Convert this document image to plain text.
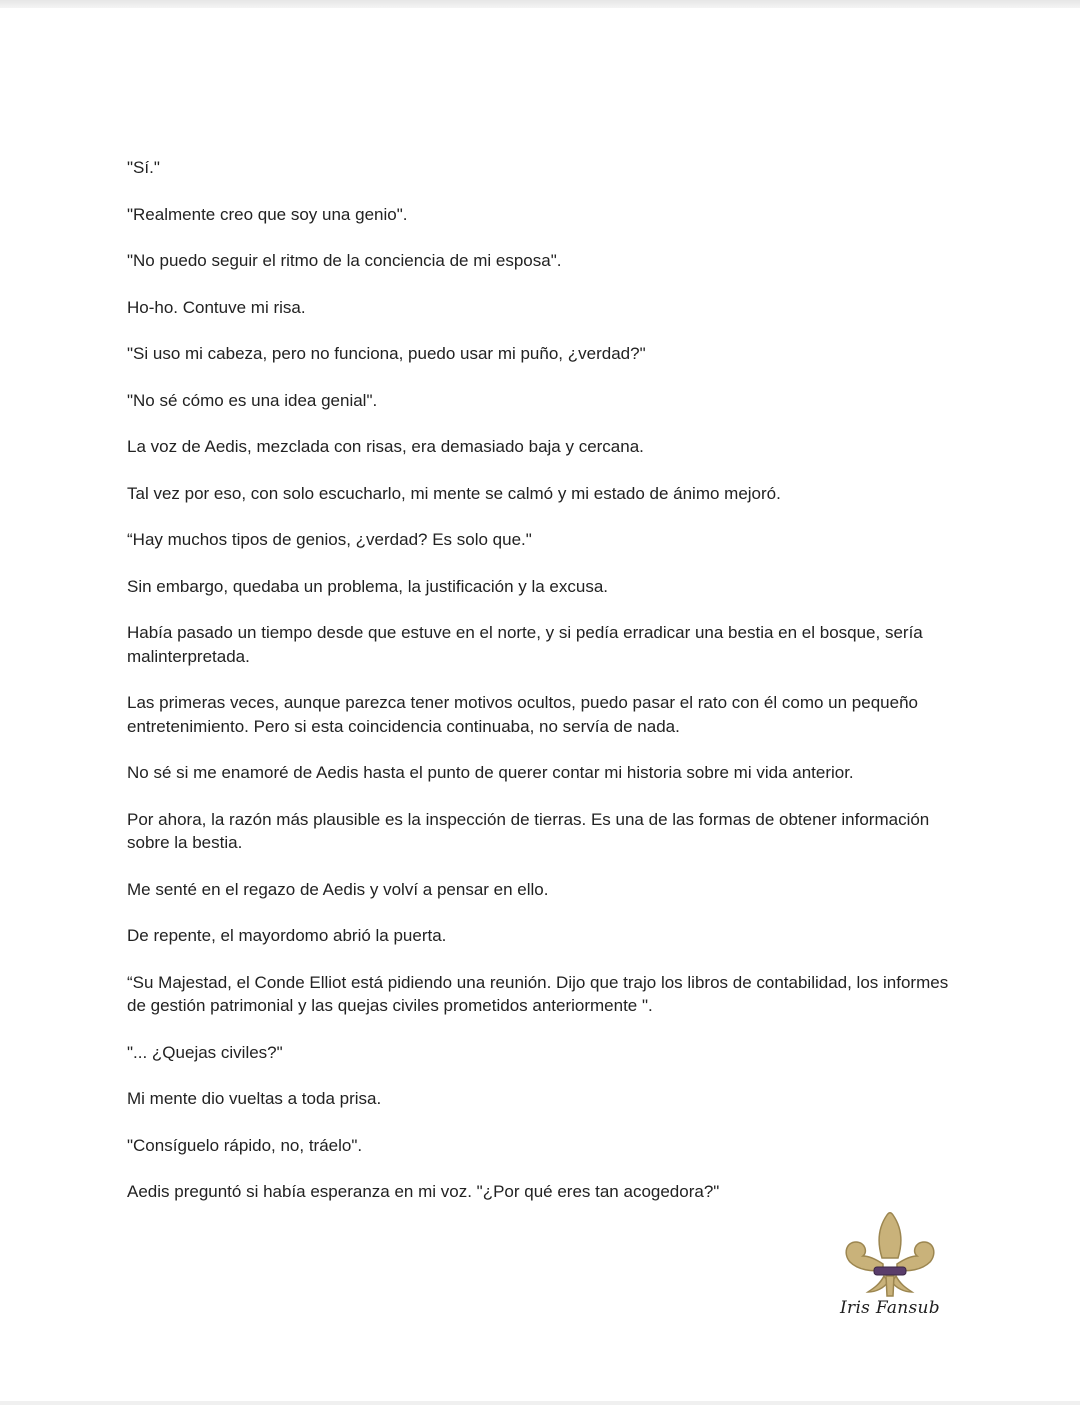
"Sí."

"Realmente creo que soy una genio".

"No puedo seguir el ritmo de la conciencia de mi esposa".

Ho-ho. Contuve mi risa.

"Si uso mi cabeza, pero no funciona, puedo usar mi puño, ¿verdad?"

"No sé cómo es una idea genial".

La voz de Aedis, mezclada con risas, era demasiado baja y cercana.

Tal vez por eso, con solo escucharlo, mi mente se calmó y mi estado de ánimo mejoró.

“Hay muchos tipos de genios, ¿verdad? Es solo que."

Sin embargo, quedaba un problema, la justificación y la excusa.

Había pasado un tiempo desde que estuve en el norte, y si pedía erradicar una bestia en el bosque, sería malinterpretada.

Las primeras veces, aunque parezca tener motivos ocultos, puedo pasar el rato con él como un pequeño entretenimiento. Pero si esta coincidencia continuaba, no servía de nada.

No sé si me enamoré de Aedis hasta el punto de querer contar mi historia sobre mi vida anterior.

Por ahora, la razón más plausible es la inspección de tierras. Es una de las formas de obtener información sobre la bestia.

Me senté en el regazo de Aedis y volví a pensar en ello.

De repente, el mayordomo abrió la puerta.

“Su Majestad, el Conde Elliot está pidiendo una reunión. Dijo que trajo los libros de contabilidad, los informes de gestión patrimonial y las quejas civiles prometidos anteriormente ".

"... ¿Quejas civiles?"

Mi mente dio vueltas a toda prisa.

"Consíguelo rápido, no, tráelo".

Aedis preguntó si había esperanza en mi voz. "¿Por qué eres tan acogedora?"

Iris Fansub
